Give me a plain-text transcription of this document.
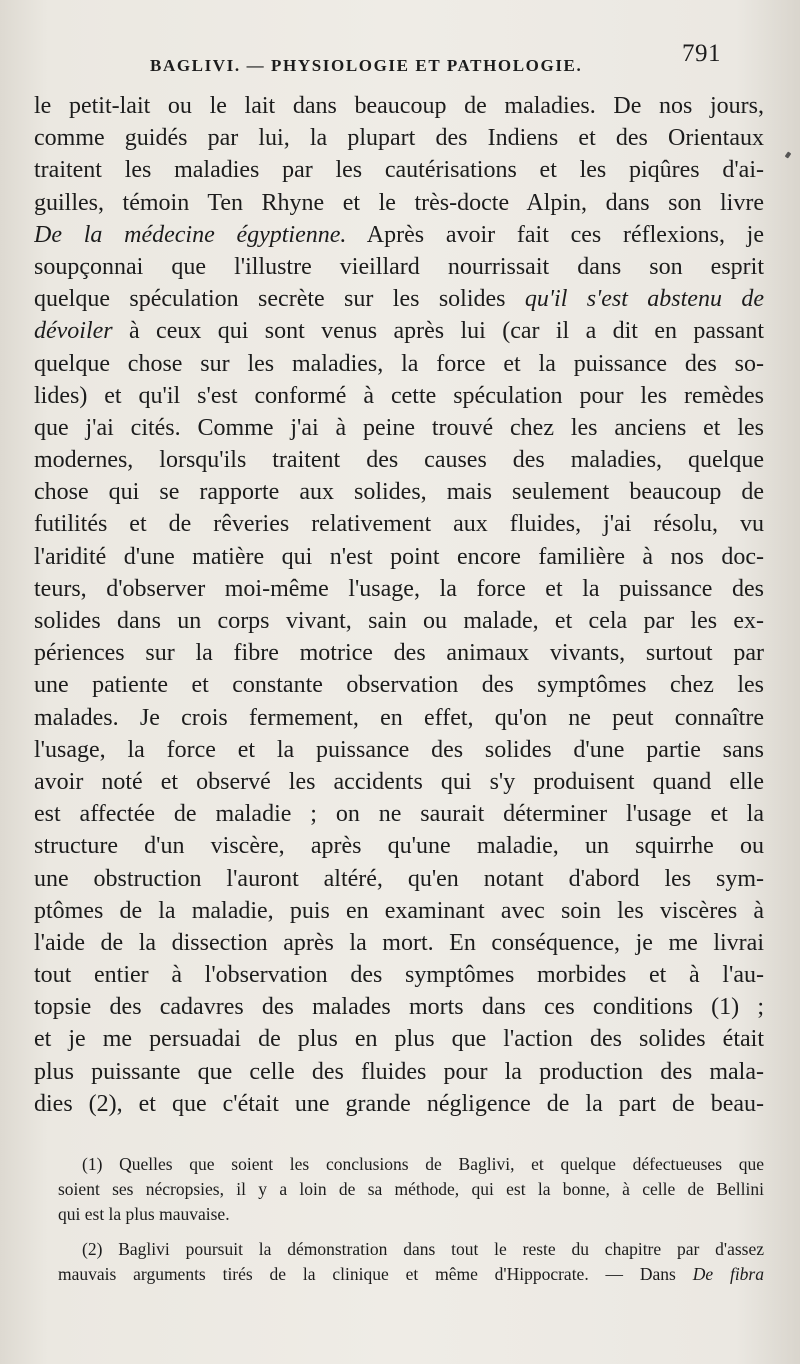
BAGLIVI. — PHYSIOLOGIE ET PATHOLOGIE.	791
le petit-lait ou le lait dans beaucoup de maladies. De nos jours,
comme guidés par lui, la plupart des Indiens et des Orientaux
traitent les maladies par les cautérisations et les piqûres d'ai-
guilles, témoin Ten Rhyne et le très-docte Alpin, dans son livre
De la médecine égyptienne. Après avoir fait ces réflexions, je
soupçonnai que l'illustre vieillard nourrissait dans son esprit
quelque spéculation secrète sur les solides qu'il s'est abstenu de
dévoiler à ceux qui sont venus après lui (car il a dit en passant
quelque chose sur les maladies, la force et la puissance des so-
lides) et qu'il s'est conformé à cette spéculation pour les remèdes
que j'ai cités. Comme j'ai à peine trouvé chez les anciens et les
modernes, lorsqu'ils traitent des causes des maladies, quelque
chose qui se rapporte aux solides, mais seulement beaucoup de
futilités et de rêveries relativement aux fluides, j'ai résolu, vu
l'aridité d'une matière qui n'est point encore familière à nos doc-
teurs, d'observer moi-même l'usage, la force et la puissance des
solides dans un corps vivant, sain ou malade, et cela par les ex-
périences sur la fibre motrice des animaux vivants, surtout par
une patiente et constante observation des symptômes chez les
malades. Je crois fermement, en effet, qu'on ne peut connaître
l'usage, la force et la puissance des solides d'une partie sans
avoir noté et observé les accidents qui s'y produisent quand elle
est affectée de maladie ; on ne saurait déterminer l'usage et la
structure d'un viscère, après qu'une maladie, un squirrhe ou
une obstruction l'auront altéré, qu'en notant d'abord les sym-
ptômes de la maladie, puis en examinant avec soin les viscères à
l'aide de la dissection après la mort. En conséquence, je me livrai
tout entier à l'observation des symptômes morbides et à l'au-
topsie des cadavres des malades morts dans ces conditions (1) ;
et je me persuadai de plus en plus que l'action des solides était
plus puissante que celle des fluides pour la production des mala-
dies (2), et que c'était une grande négligence de la part de beau-
(1) Quelles que soient les conclusions de Baglivi, et quelque défectueuses que
soient ses nécropsies, il y a loin de sa méthode, qui est la bonne, à celle de Bellini
qui est la plus mauvaise.
(2) Baglivi poursuit la démonstration dans tout le reste du chapitre par d'assez
mauvais arguments tirés de la clinique et même d'Hippocrate. — Dans De fibra
